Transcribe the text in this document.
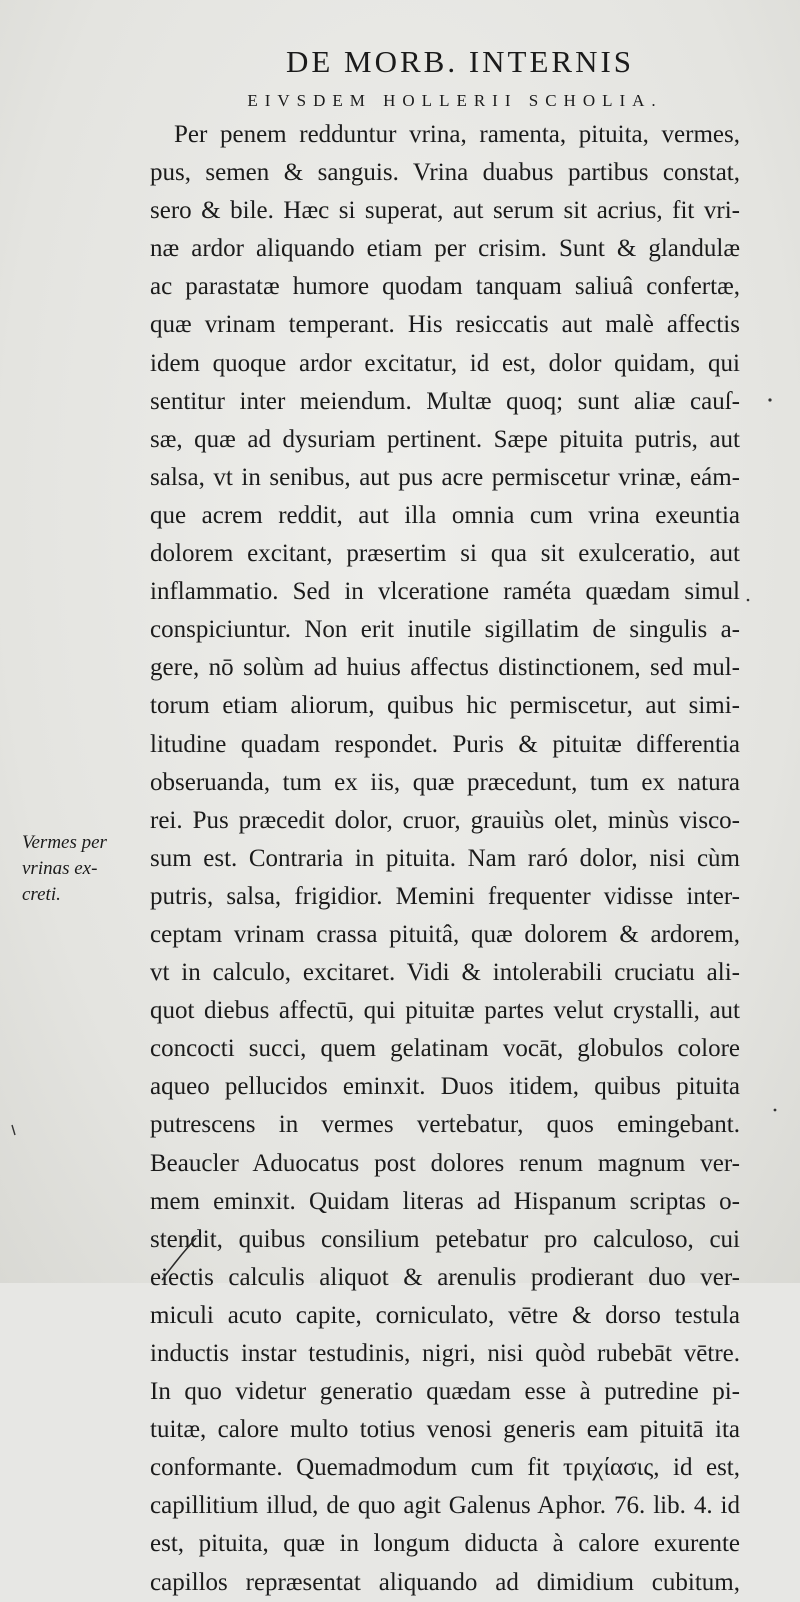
DE MORB. INTERNIS
EIVSDEM HOLLERII SCHOLIA.
Per penem redduntur vrina, ramenta, pituita, vermes,
pus, semen & sanguis. Vrina duabus partibus constat,
sero & bile. Hæc si superat, aut serum sit acrius, fit vri-
næ ardor aliquando etiam per crisim. Sunt & glandulæ
ac parastatæ humore quodam tanquam saliuâ confertæ,
quæ vrinam temperant. His resiccatis aut malè affectis
idem quoque ardor excitatur, id est, dolor quidam, qui
sentitur inter meiendum. Multæ quoq; sunt aliæ cauſ-
sæ, quæ ad dysuriam pertinent. Sæpe pituita putris, aut
salsa, vt in senibus, aut pus acre permiscetur vrinæ, eám-
que acrem reddit, aut illa omnia cum vrina exeuntia
dolorem excitant, præsertim si qua sit exulceratio, aut
inflammatio. Sed in vlceratione raméta quædam simul
conspiciuntur. Non erit inutile sigillatim de singulis a-
gere, nō solùm ad huius affectus distinctionem, sed mul-
torum etiam aliorum, quibus hic permiscetur, aut simi-
litudine quadam respondet. Puris & pituitæ differentia
obseruanda, tum ex iis, quæ præcedunt, tum ex natura
rei. Pus præcedit dolor, cruor, grauiùs olet, minùs visco-
sum est. Contraria in pituita. Nam raró dolor, nisi cùm
putris, salsa, frigidior. Memini frequenter vidisse inter-
ceptam vrinam crassa pituitâ, quæ dolorem & ardorem,
vt in calculo, excitaret. Vidi & intolerabili cruciatu ali-
quot diebus affectū, qui pituitæ partes velut crystalli, aut
concocti succi, quem gelatinam vocāt, globulos colore
aqueo pellucidos eminxit. Duos itidem, quibus pituita
putrescens in vermes vertebatur, quos emingebant.
Beaucler Aduocatus post dolores renum magnum ver-
mem eminxit. Quidam literas ad Hispanum scriptas o-
stendit, quibus consilium petebatur pro calculoso, cui
eiectis calculis aliquot & arenulis prodierant duo ver-
miculi acuto capite, corniculato, vētre & dorso testula
inductis instar testudinis, nigri, nisi quòd rubebāt vētre.
In quo videtur generatio quædam esse à putredine pi-
tuitæ, calore multo totius venosi generis eam pituitā ita
conformante. Quemadmodum cum fit τριχίασις, id est,
capillitium illud, de quo agit Galenus Aphor. 76. lib. 4. id
est, pituita, quæ in longum diducta à calore exurente
capillos repræsentat aliquando ad dimidium cubitum,
Vermes per
vrinas ex-
creti.
